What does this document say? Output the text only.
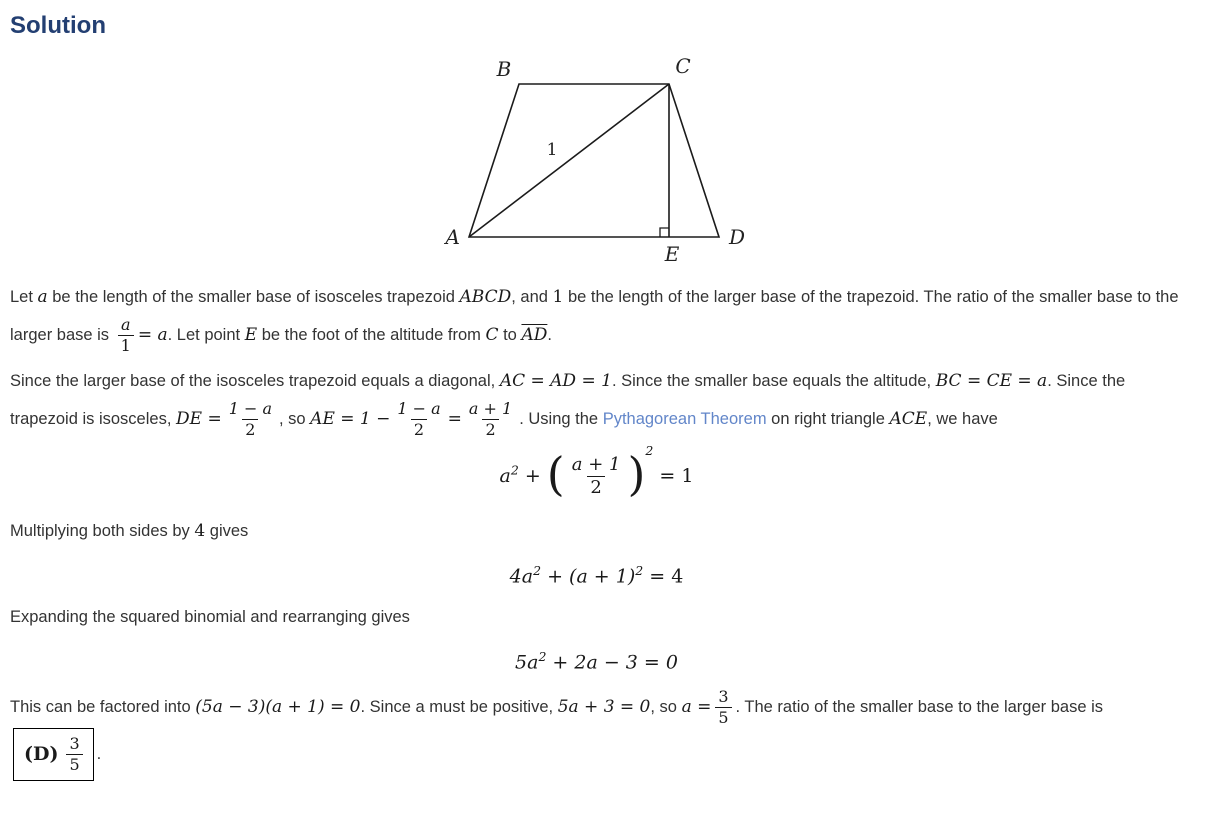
Solution
A
B	C
D
E
1

Let a be the length of the smaller base of isosceles trapezoid ABCD, and 1 be the length of the larger base of the trapezoid. The ratio of the smaller base to the larger base is $\frac{a}{1} = a$. Let point E be the foot of the altitude from C to $\overline{AD}$.

Since the larger base of the isosceles trapezoid equals a diagonal, AC = AD = 1. Since the smaller base equals the altitude, BC = CE = a. Since the trapezoid is isosceles, DE = $\frac{1 - a}{2}$ , so AE = $1 - \frac{1 - a}{2} = \frac{a + 1}{2}$ . Using the Pythagorean Theorem on right triangle ACE, we have

$a^2$ + ( $\frac{a + 1}{2} )^2 = 1$

Multiplying both sides by 4 gives

$4a^2 + (a + 1)^2 = 4$

Expanding the squared binomial and rearranging gives

$5a^2 + 2a - 3 = 0$

This can be factored into (5a − 3)(a + 1) = 0. Since a must be positive, 5a + 3 = 0, so $a = \frac{3}{5}$ . The ratio of the smaller base to the larger base is
$(D) \frac{3}{5}$ .
